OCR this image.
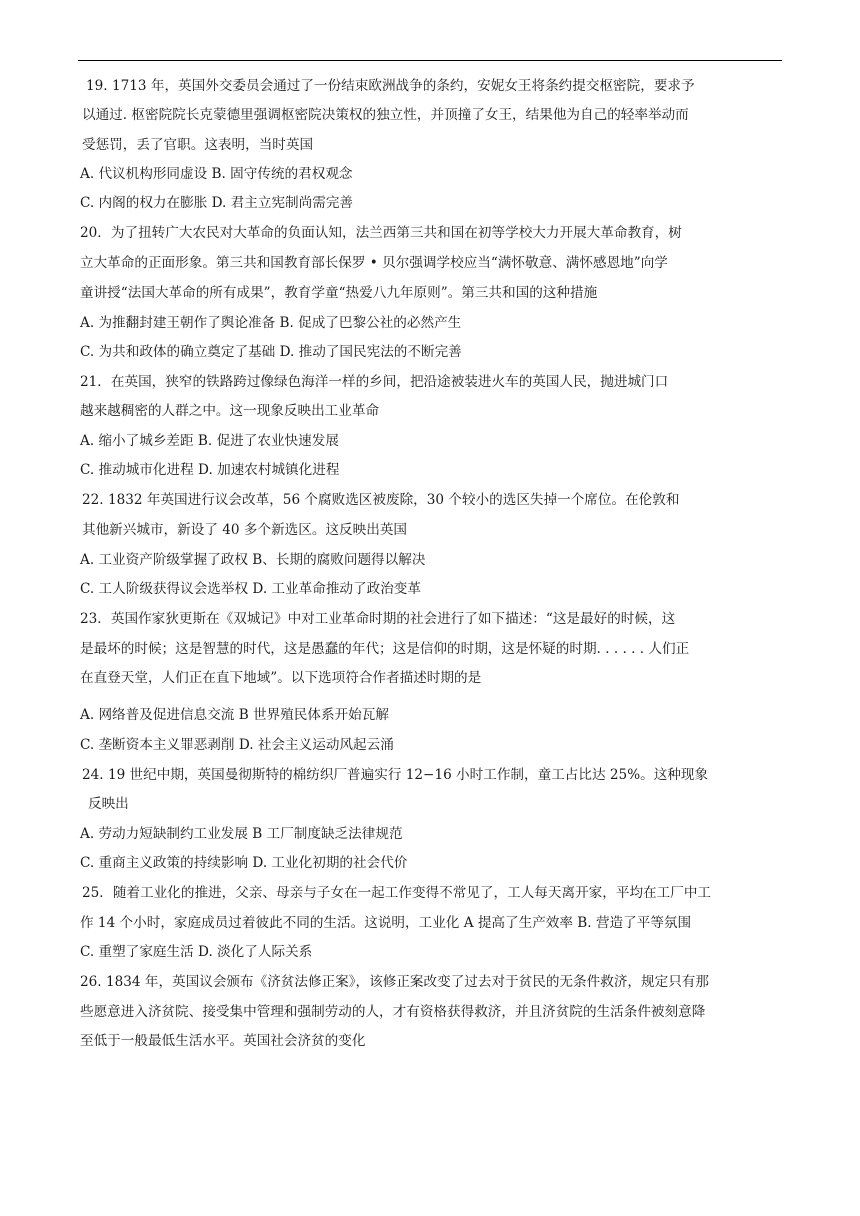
19. 1713 年，英国外交委员会通过了一份结束欧洲战争的条约，安妮女王将条约提交枢密院，要求予
以通过. 枢密院院长克蒙德里强调枢密院决策权的独立性，并顶撞了女王，结果他为自己的轻率举动而
受惩罚，丢了官职。这表明，当时英国
A. 代议机构形同虚设 B. 固守传统的君权观念
C. 内阁的权力在膨胀 D. 君主立宪制尚需完善
20．为了扭转广大农民对大革命的负面认知，法兰西第三共和国在初等学校大力开展大革命教育，树
立大革命的正面形象。第三共和国教育部长保罗 • 贝尔强调学校应当“满怀敬意、满怀感恩地”向学
童讲授“法国大革命的所有成果”，教育学童“热爱八九年原则”。第三共和国的这种措施
A. 为推翻封建王朝作了舆论准备 B. 促成了巴黎公社的必然产生
C. 为共和政体的确立奠定了基础 D. 推动了国民宪法的不断完善
21．在英国，狭窄的铁路跨过像绿色海洋一样的乡间，把沿途被装进火车的英国人民，抛进城门口
越来越稠密的人群之中。这一现象反映出工业革命
A. 缩小了城乡差距 B. 促进了农业快速发展
C. 推动城市化进程 D. 加速农村城镇化进程
22. 1832 年英国进行议会改革，56 个腐败选区被废除，30 个较小的选区失掉一个席位。在伦敦和
其他新兴城市，新设了 40 多个新选区。这反映出英国
A. 工业资产阶级掌握了政权 B、长期的腐败问题得以解决
C. 工人阶级获得议会选举权 D. 工业革命推动了政治变革
23．英国作家狄更斯在《双城记》中对工业革命时期的社会进行了如下描述：“这是最好的时候，这
是最坏的时候；这是智慧的时代，这是愚蠢的年代；这是信仰的时期，这是怀疑的时期. . . . . . 人们正
在直登天堂，人们正在直下地域”。以下选项符合作者描述时期的是
A. 网络普及促进信息交流 B 世界殖民体系开始瓦解
C. 垄断资本主义罪恶剥削 D. 社会主义运动风起云涌
24. 19 世纪中期，英国曼彻斯特的棉纺织厂普遍实行 12−16 小时工作制，童工占比达 25%。这种现象
反映出
A. 劳动力短缺制约工业发展 B 工厂制度缺乏法律规范
C. 重商主义政策的持续影响 D. 工业化初期的社会代价
25．随着工业化的推进，父亲、母亲与子女在一起工作变得不常见了，工人每天离开家，平均在工厂中工
作 14 个小时，家庭成员过着彼此不同的生活。这说明，工业化 A 提高了生产效率 B. 营造了平等氛围
C. 重塑了家庭生活 D. 淡化了人际关系
26. 1834 年，英国议会颁布《济贫法修正案》，该修正案改变了过去对于贫民的无条件救济，规定只有那
些愿意进入济贫院、接受集中管理和强制劳动的人，才有资格获得救济，并且济贫院的生活条件被刻意降
至低于一般最低生活水平。英国社会济贫的变化
